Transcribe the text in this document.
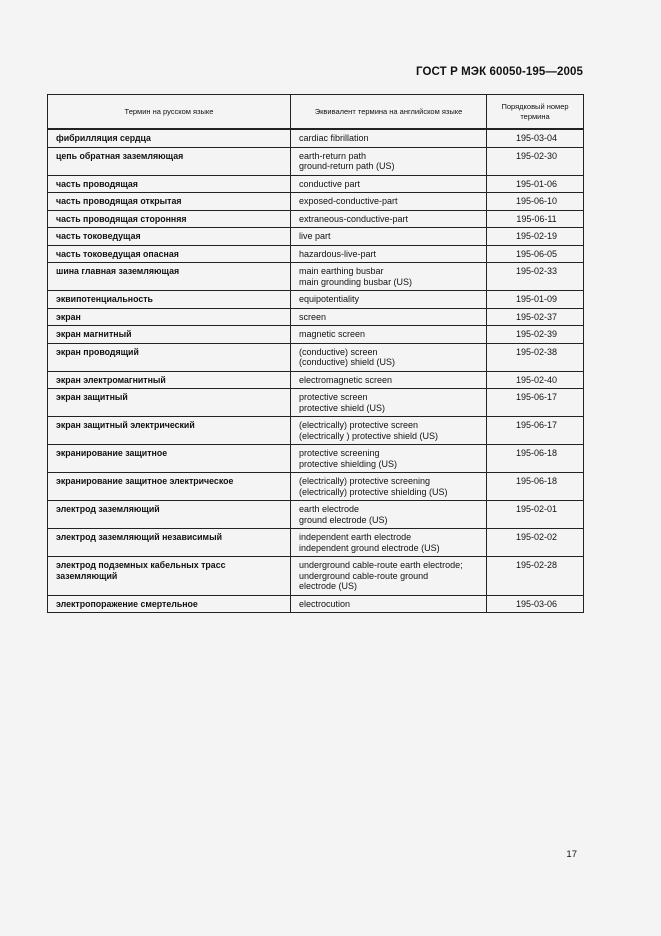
ГОСТ Р МЭК 60050-195—2005
Термин на русском языке	Эквивалент термина на английском языке	Порядковый номер термина
фибрилляция сердца	cardiac fibrillation	195-03-04
цепь обратная заземляющая	earth-return path
ground-return path (US)	195-02-30
часть проводящая	conductive part	195-01-06
часть проводящая открытая	exposed-conductive-part	195-06-10
часть проводящая сторонняя	extraneous-conductive-part	195-06-11
часть токоведущая	live part	195-02-19
часть токоведущая опасная	hazardous-live-part	195-06-05
шина главная заземляющая	main earthing busbar
main grounding busbar (US)	195-02-33
эквипотенциальность	equipotentiality	195-01-09
экран	screen	195-02-37
экран магнитный	magnetic screen	195-02-39
экран проводящий	(conductive) screen
(conductive) shield (US)	195-02-38
экран электромагнитный	electromagnetic screen	195-02-40
экран защитный	protective screen
protective shield (US)	195-06-17
экран защитный электрический	(electrically) protective screen
(electrically ) protective shield (US)	195-06-17
экранирование защитное	protective screening
protective shielding (US)	195-06-18
экранирование защитное электрическое	(electrically) protective screening
(electrically) protective shielding (US)	195-06-18
электрод заземляющий	earth electrode
ground electrode (US)	195-02-01
электрод заземляющий независимый	independent earth electrode
independent ground electrode (US)	195-02-02
электрод подземных кабельных трасс заземляющий	underground cable-route earth electrode;
underground cable-route ground
electrode (US)	195-02-28
электропоражение смертельное	electrocution	195-03-06
17
